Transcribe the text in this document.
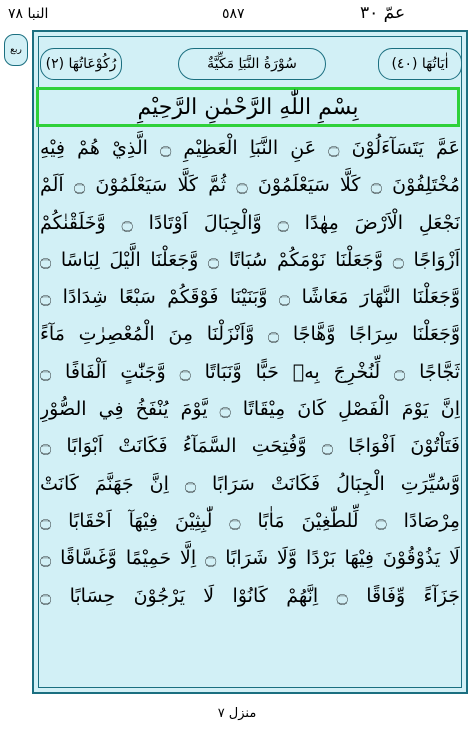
عمّ ٣٠
٥٨٧
النبا ٧٨
ربع
رُكُوْعَاتُهَا (٢)	سُوْرَةُ النَّبَاِ مَكِّيَّةٌ	اٰيَاتُهَا (٤٠)
بِسْمِ اللّٰهِ الرَّحْمٰنِ الرَّحِيْمِ
عَمَّ يَتَسَآءَلُوْنَ ۝ عَنِ النَّبَاِ الْعَظِيْمِ ۝ الَّذِيْ هُمْ فِيْهِ
مُخْتَلِفُوْنَ ۝ كَلَّا سَيَعْلَمُوْنَ ۝ ثُمَّ كَلَّا سَيَعْلَمُوْنَ ۝ اَلَمْ
نَجْعَلِ الْاَرْضَ مِهٰدًا ۝ وَّالْجِبَالَ اَوْتَادًا ۝ وَّخَلَقْنٰكُمْ
اَزْوَاجًا ۝ وَّجَعَلْنَا نَوْمَكُمْ سُبَاتًا ۝ وَّجَعَلْنَا الَّيْلَ لِبَاسًا ۝
وَّجَعَلْنَا النَّهَارَ مَعَاشًا ۝ وَّبَنَيْنَا فَوْقَكُمْ سَبْعًا شِدَادًا ۝
وَّجَعَلْنَا سِرَاجًا وَّهَّاجًا ۝ وَّاَنْزَلْنَا مِنَ الْمُعْصِرٰتِ مَآءً
ثَجَّاجًا ۝ لِّنُخْرِجَ بِهٖ حَبًّا وَّنَبَاتًا ۝ وَّجَنّٰتٍ اَلْفَافًا ۝
اِنَّ يَوْمَ الْفَصْلِ كَانَ مِيْقَاتًا ۝ يَّوْمَ يُنْفَخُ فِي الصُّوْرِ
فَتَاْتُوْنَ اَفْوَاجًا ۝ وَّفُتِحَتِ السَّمَآءُ فَكَانَتْ اَبْوَابًا ۝
وَّسُيِّرَتِ الْجِبَالُ فَكَانَتْ سَرَابًا ۝ اِنَّ جَهَنَّمَ كَانَتْ
مِرْصَادًا ۝ لِّلطّٰغِيْنَ مَاٰبًا ۝ لّٰبِثِيْنَ فِيْهَآ اَحْقَابًا ۝
لَا يَذُوْقُوْنَ فِيْهَا بَرْدًا وَّلَا شَرَابًا ۝ اِلَّا حَمِيْمًا وَّغَسَّاقًا ۝
جَزَآءً وِّفَاقًا ۝ اِنَّهُمْ كَانُوْا لَا يَرْجُوْنَ حِسَابًا ۝
منزل ٧
